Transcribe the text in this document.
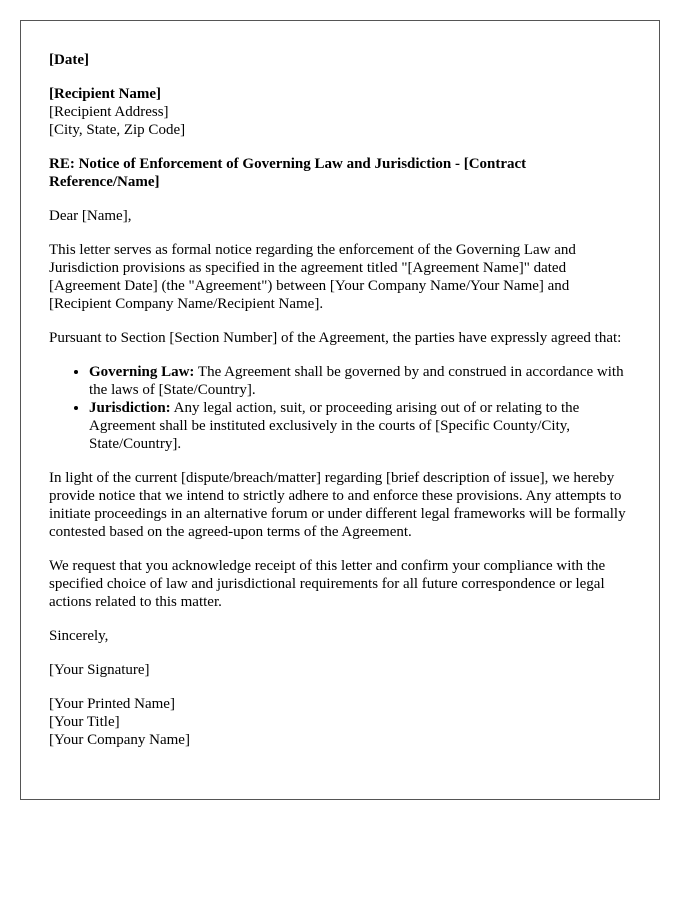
[Date]

[Recipient Name]
[Recipient Address]
[City, State, Zip Code]

RE: Notice of Enforcement of Governing Law and Jurisdiction - [Contract Reference/Name]

Dear [Name],

This letter serves as formal notice regarding the enforcement of the Governing Law and Jurisdiction provisions as specified in the agreement titled "[Agreement Name]" dated [Agreement Date] (the "Agreement") between [Your Company Name/Your Name] and [Recipient Company Name/Recipient Name].

Pursuant to Section [Section Number] of the Agreement, the parties have expressly agreed that:

• Governing Law: The Agreement shall be governed by and construed in accordance with the laws of [State/Country].
• Jurisdiction: Any legal action, suit, or proceeding arising out of or relating to the Agreement shall be instituted exclusively in the courts of [Specific County/City, State/Country].

In light of the current [dispute/breach/matter] regarding [brief description of issue], we hereby provide notice that we intend to strictly adhere to and enforce these provisions. Any attempts to initiate proceedings in an alternative forum or under different legal frameworks will be formally contested based on the agreed-upon terms of the Agreement.

We request that you acknowledge receipt of this letter and confirm your compliance with the specified choice of law and jurisdictional requirements for all future correspondence or legal actions related to this matter.

Sincerely,

[Your Signature]

[Your Printed Name]
[Your Title]
[Your Company Name]
